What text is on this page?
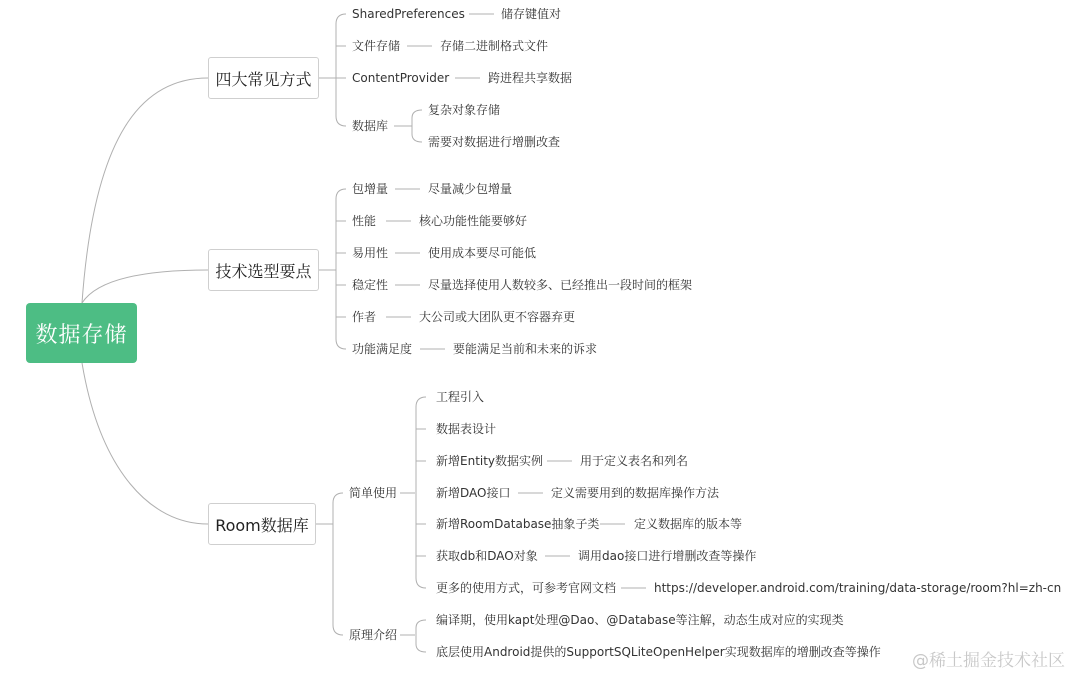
数据存储
四大常见方式
技术选型要点
Room数据库
SharedPreferences	储存键值对
文件存储	存储二进制格式文件
ContentProvider	跨进程共享数据
数据库
复杂对象存储
需要对数据进行增删改查
包增量	尽量减少包增量
性能	核心功能性能要够好
易用性	使用成本要尽可能低
稳定性	尽量选择使用人数较多、已经推出一段时间的框架
作者	大公司或大团队更不容器弃更
功能满足度	要能满足当前和未来的诉求
简单使用
工程引入
数据表设计
新增Entity数据实例	用于定义表名和列名
新增DAO接口	定义需要用到的数据库操作方法
新增RoomDatabase抽象子类	定义数据库的版本等
获取db和DAO对象	调用dao接口进行增删改查等操作
更多的使用方式，可参考官网文档	https://developer.android.com/training/data-storage/room?hl=zh-cn
原理介绍
编译期，使用kapt处理@Dao、@Database等注解，动态生成对应的实现类
底层使用Android提供的SupportSQLiteOpenHelper实现数据库的增删改查等操作 @稀土掘金技术社区
